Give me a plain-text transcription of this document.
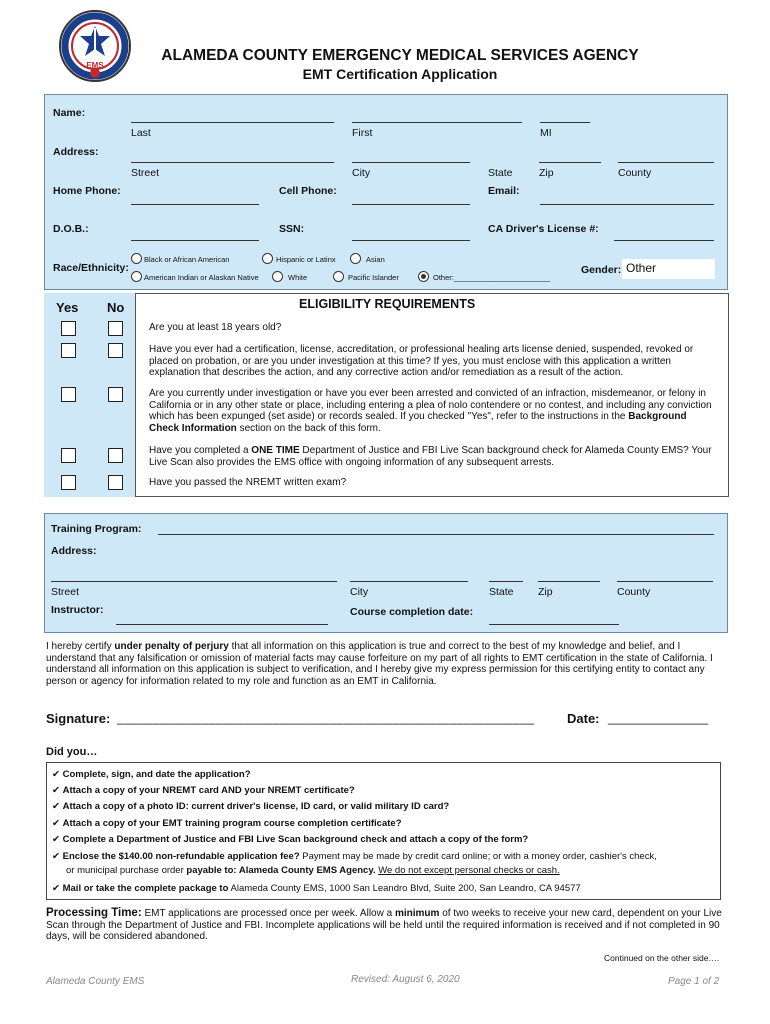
EMS
ALAMEDA COUNTY EMERGENCY MEDICAL SERVICES AGENCY
EMT Certification Application
Name:
Last	First	MI
Address:
Street	City	State	Zip	County
Home Phone:	Cell Phone:	Email:
D.O.B.:	SSN:	CA Driver's License #:
Race/Ethnicity:
Black or African American	Hispanic or Latinx	Asian
American Indian or Alaskan Native	White	Pacific Islander	Other:_______________________
Gender: Other
Yes No	ELIGIBILITY REQUIREMENTS
Are you at least 18 years old?
Have you ever had a certification, license, accreditation, or professional healing arts license denied, suspended, revoked or placed on probation, or are you under investigation at this time? If yes, you must enclose with this application a written explanation that describes the action, and any corrective action and/or remediation as a result of the action.
Are you currently under investigation or have you ever been arrested and convicted of an infraction, misdemeanor, or felony in California or in any other state or place, including entering a plea of nolo contendere or no contest, and including any conviction which has been expunged (set aside) or records sealed. If you checked "Yes", refer to the instructions in the Background Check Information section on the back of this form.
Have you completed a ONE TIME Department of Justice and FBI Live Scan background check for Alameda County EMS? Your Live Scan also provides the EMS office with ongoing information of any subsequent arrests.
Have you passed the NREMT written exam?
Training Program:
Address:
Street	City	State Zip	County
Instructor:	Course completion date:
I hereby certify under penalty of perjury that all information on this application is true and correct to the best of my knowledge and belief, and I understand that any falsification or omission of material facts may cause forfeiture on my part of all rights to EMT certification in the state of California. I understand all information on this application is subject to verification, and I hereby give my express permission for this certifying entity to contact any person or agency for information related to my role and function as an EMT in California.
Signature: ___________________________________________________________	Date: _______________
Did you…
✔ Complete, sign, and date the application?
✔ Attach a copy of your NREMT card AND your NREMT certificate?
✔ Attach a copy of a photo ID: current driver's license, ID card, or valid military ID card?
✔ Attach a copy of your EMT training program course completion certificate?
✔ Complete a Department of Justice and FBI Live Scan background check and attach a copy of the form?
✔ Enclose the $140.00 non-refundable application fee? Payment may be made by credit card online; or with a money order, cashier's check,
or municipal purchase order payable to: Alameda County EMS Agency. We do not except personal checks or cash.
✔ Mail or take the complete package to Alameda County EMS, 1000 San Leandro Blvd, Suite 200, San Leandro, CA 94577
Processing Time: EMT applications are processed once per week. Allow a minimum of two weeks to receive your new card, dependent on your Live Scan through the Department of Justice and FBI. Incomplete applications will be held until the required information is received and if not completed in 90 days, will be considered abandoned.
Continued on the other side….
Alameda County EMS	Revised: August 6, 2020	Page 1 of 2
